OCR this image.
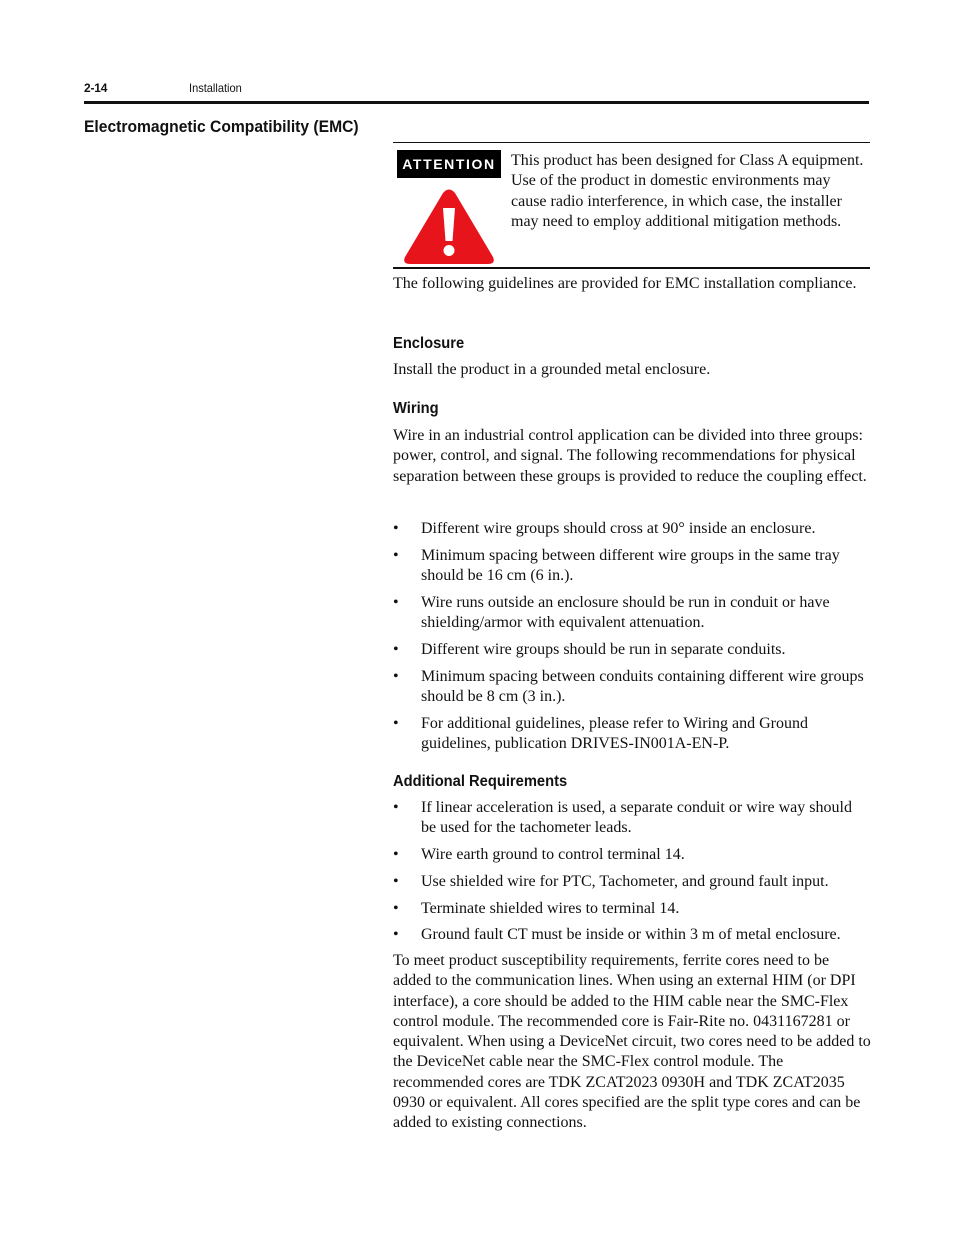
2-14	Installation
Electromagnetic Compatibility (EMC)
ATTENTION This product has been designed for Class A equipment. Use of the product in domestic environments may cause radio interference, in which case, the installer may need to employ additional mitigation methods.
The following guidelines are provided for EMC installation compliance.
Enclosure
Install the product in a grounded metal enclosure.
Wiring
Wire in an industrial control application can be divided into three groups: power, control, and signal. The following recommendations for physical separation between these groups is provided to reduce the coupling effect.
• Different wire groups should cross at 90° inside an enclosure.
• Minimum spacing between different wire groups in the same tray should be 16 cm (6 in.).
• Wire runs outside an enclosure should be run in conduit or have shielding/armor with equivalent attenuation.
• Different wire groups should be run in separate conduits.
• Minimum spacing between conduits containing different wire groups should be 8 cm (3 in.).
• For additional guidelines, please refer to Wiring and Ground guidelines, publication DRIVES-IN001A-EN-P.
Additional Requirements
• If linear acceleration is used, a separate conduit or wire way should be used for the tachometer leads.
• Wire earth ground to control terminal 14.
• Use shielded wire for PTC, Tachometer, and ground fault input.
• Terminate shielded wires to terminal 14.
• Ground fault CT must be inside or within 3 m of metal enclosure.
To meet product susceptibility requirements, ferrite cores need to be added to the communication lines. When using an external HIM (or DPI interface), a core should be added to the HIM cable near the SMC-Flex control module. The recommended core is Fair-Rite no. 0431167281 or equivalent. When using a DeviceNet circuit, two cores need to be added to the DeviceNet cable near the SMC-Flex control module. The recommended cores are TDK ZCAT2023 0930H and TDK ZCAT2035 0930 or equivalent. All cores specified are the split type cores and can be added to existing connections.
